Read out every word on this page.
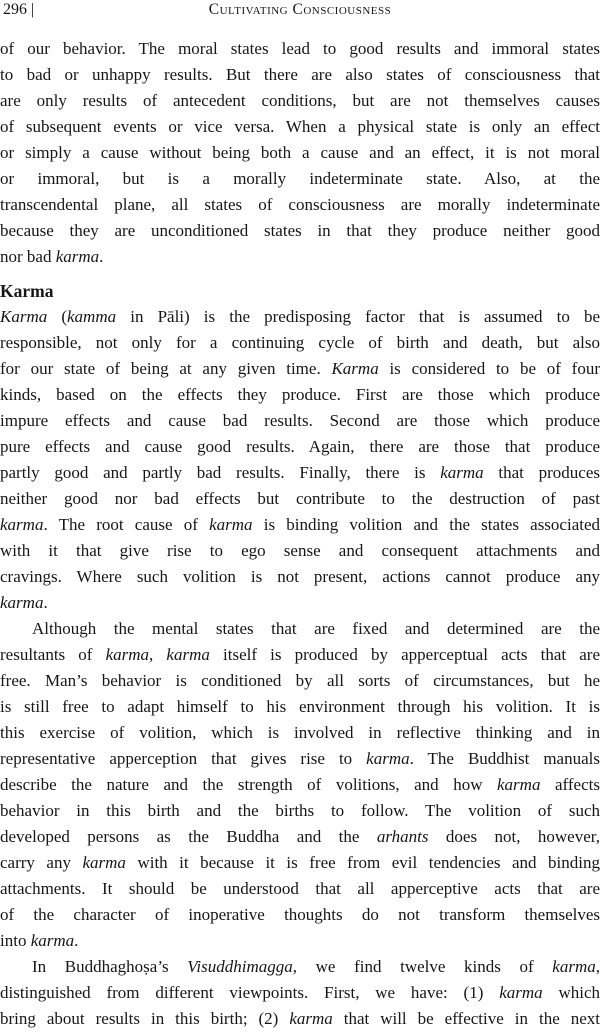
296 |	Cultivating Consciousness
of our behavior. The moral states lead to good results and immoral states
to bad or unhappy results. But there are also states of consciousness that
are only results of antecedent conditions, but are not themselves causes
of subsequent events or vice versa. When a physical state is only an effect
or simply a cause without being both a cause and an effect, it is not moral
or immoral, but is a morally indeterminate state. Also, at the
transcendental plane, all states of consciousness are morally indeterminate
because they are unconditioned states in that they produce neither good
nor bad karma.
Karma
Karma (kamma in Pāli) is the predisposing factor that is assumed to be
responsible, not only for a continuing cycle of birth and death, but also
for our state of being at any given time. Karma is considered to be of four
kinds, based on the effects they produce. First are those which produce
impure effects and cause bad results. Second are those which produce
pure effects and cause good results. Again, there are those that produce
partly good and partly bad results. Finally, there is karma that produces
neither good nor bad effects but contribute to the destruction of past
karma. The root cause of karma is binding volition and the states associated
with it that give rise to ego sense and consequent attachments and
cravings. Where such volition is not present, actions cannot produce any
karma.
Although the mental states that are fixed and determined are the
resultants of karma, karma itself is produced by apperceptual acts that are
free. Man’s behavior is conditioned by all sorts of circumstances, but he
is still free to adapt himself to his environment through his volition. It is
this exercise of volition, which is involved in reflective thinking and in
representative apperception that gives rise to karma. The Buddhist manuals
describe the nature and the strength of volitions, and how karma affects
behavior in this birth and the births to follow. The volition of such
developed persons as the Buddha and the arhants does not, however,
carry any karma with it because it is free from evil tendencies and binding
attachments. It should be understood that all apperceptive acts that are
of the character of inoperative thoughts do not transform themselves
into karma.
In Buddhaghoṣa’s Visuddhimagga, we find twelve kinds of karma,
distinguished from different viewpoints. First, we have: (1) karma which
bring about results in this birth; (2) karma that will be effective in the next
